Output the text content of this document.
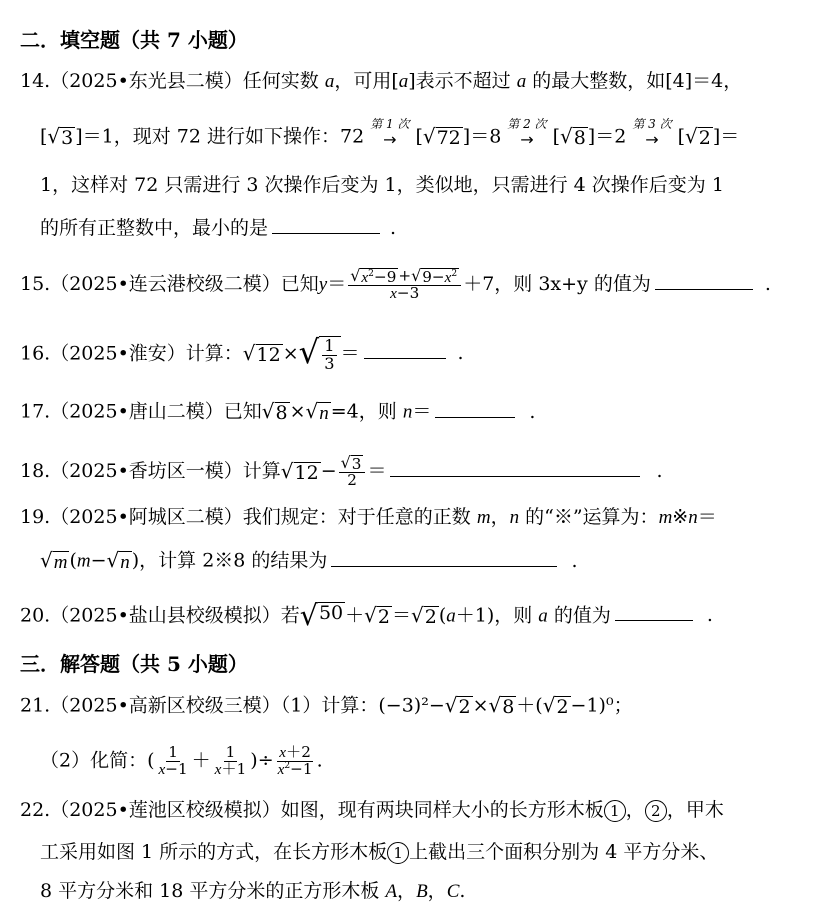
二．填空题（共 7 小题）
14.（2025•东光县二模）任何实数 a，可用[a]表示不超过 a 的最大整数，如[4]＝4，
[ √ 3 ]＝1，现对 72 进行如下操作：72
第 1 次
→ [ √ 72 ]＝8
第 2 次
→ [ √ 8 ]＝2
第 3 次
→ [ √ 2 ]＝
1，这样对 72 只需进行 3 次操作后变为 1，类似地，只需进行 4 次操作后变为 1
的所有正整数中，最小的是	.
15.（2025•连云港校级二模）已知$y= \frac{√ x^2-9 + √ 9-x^2}{x-3} +7$，则 3x+y 的值为	.
16.（2025•淮安）计算： √ 12 × √ $\frac{1}{3}$ ＝	.
17.（2025•唐山二模）已知 √ 8 × √ n =4，则 n＝	.
18.（2025•香坊区一模）计算 √ $12 - \frac{√ 3}{2}$ ＝	.
19.（2025•阿城区二模）我们规定：对于任意的正数 m，n 的“※”运算为：m※n＝
√ m (m− √ n )，计算 2※8 的结果为	.
20.（2025•盐山县校级模拟）若 √ 50 ＋ √ 2 ＝ √ 2 (a＋1)，则 a 的值为	.
三．解答题（共 5 小题）
21.（2025•高新区校级三模）（1）计算：(−3)²− √ 2 × √ 8 ＋( √ 2 −1)⁰；
（2）化简：( $\frac{1}{x-1} + \frac{1}{x+1}$ )÷ $\frac{x+2}{x^2-1}$ .
22.（2025•莲池区校级模拟）如图，现有两块同样大小的长方形木板 1 ， 2 ，甲木
工采用如图 1 所示的方式，在长方形木板 1 上截出三个面积分别为 4 平方分米、
8 平方分米和 18 平方分米的正方形木板 A，B，C.
